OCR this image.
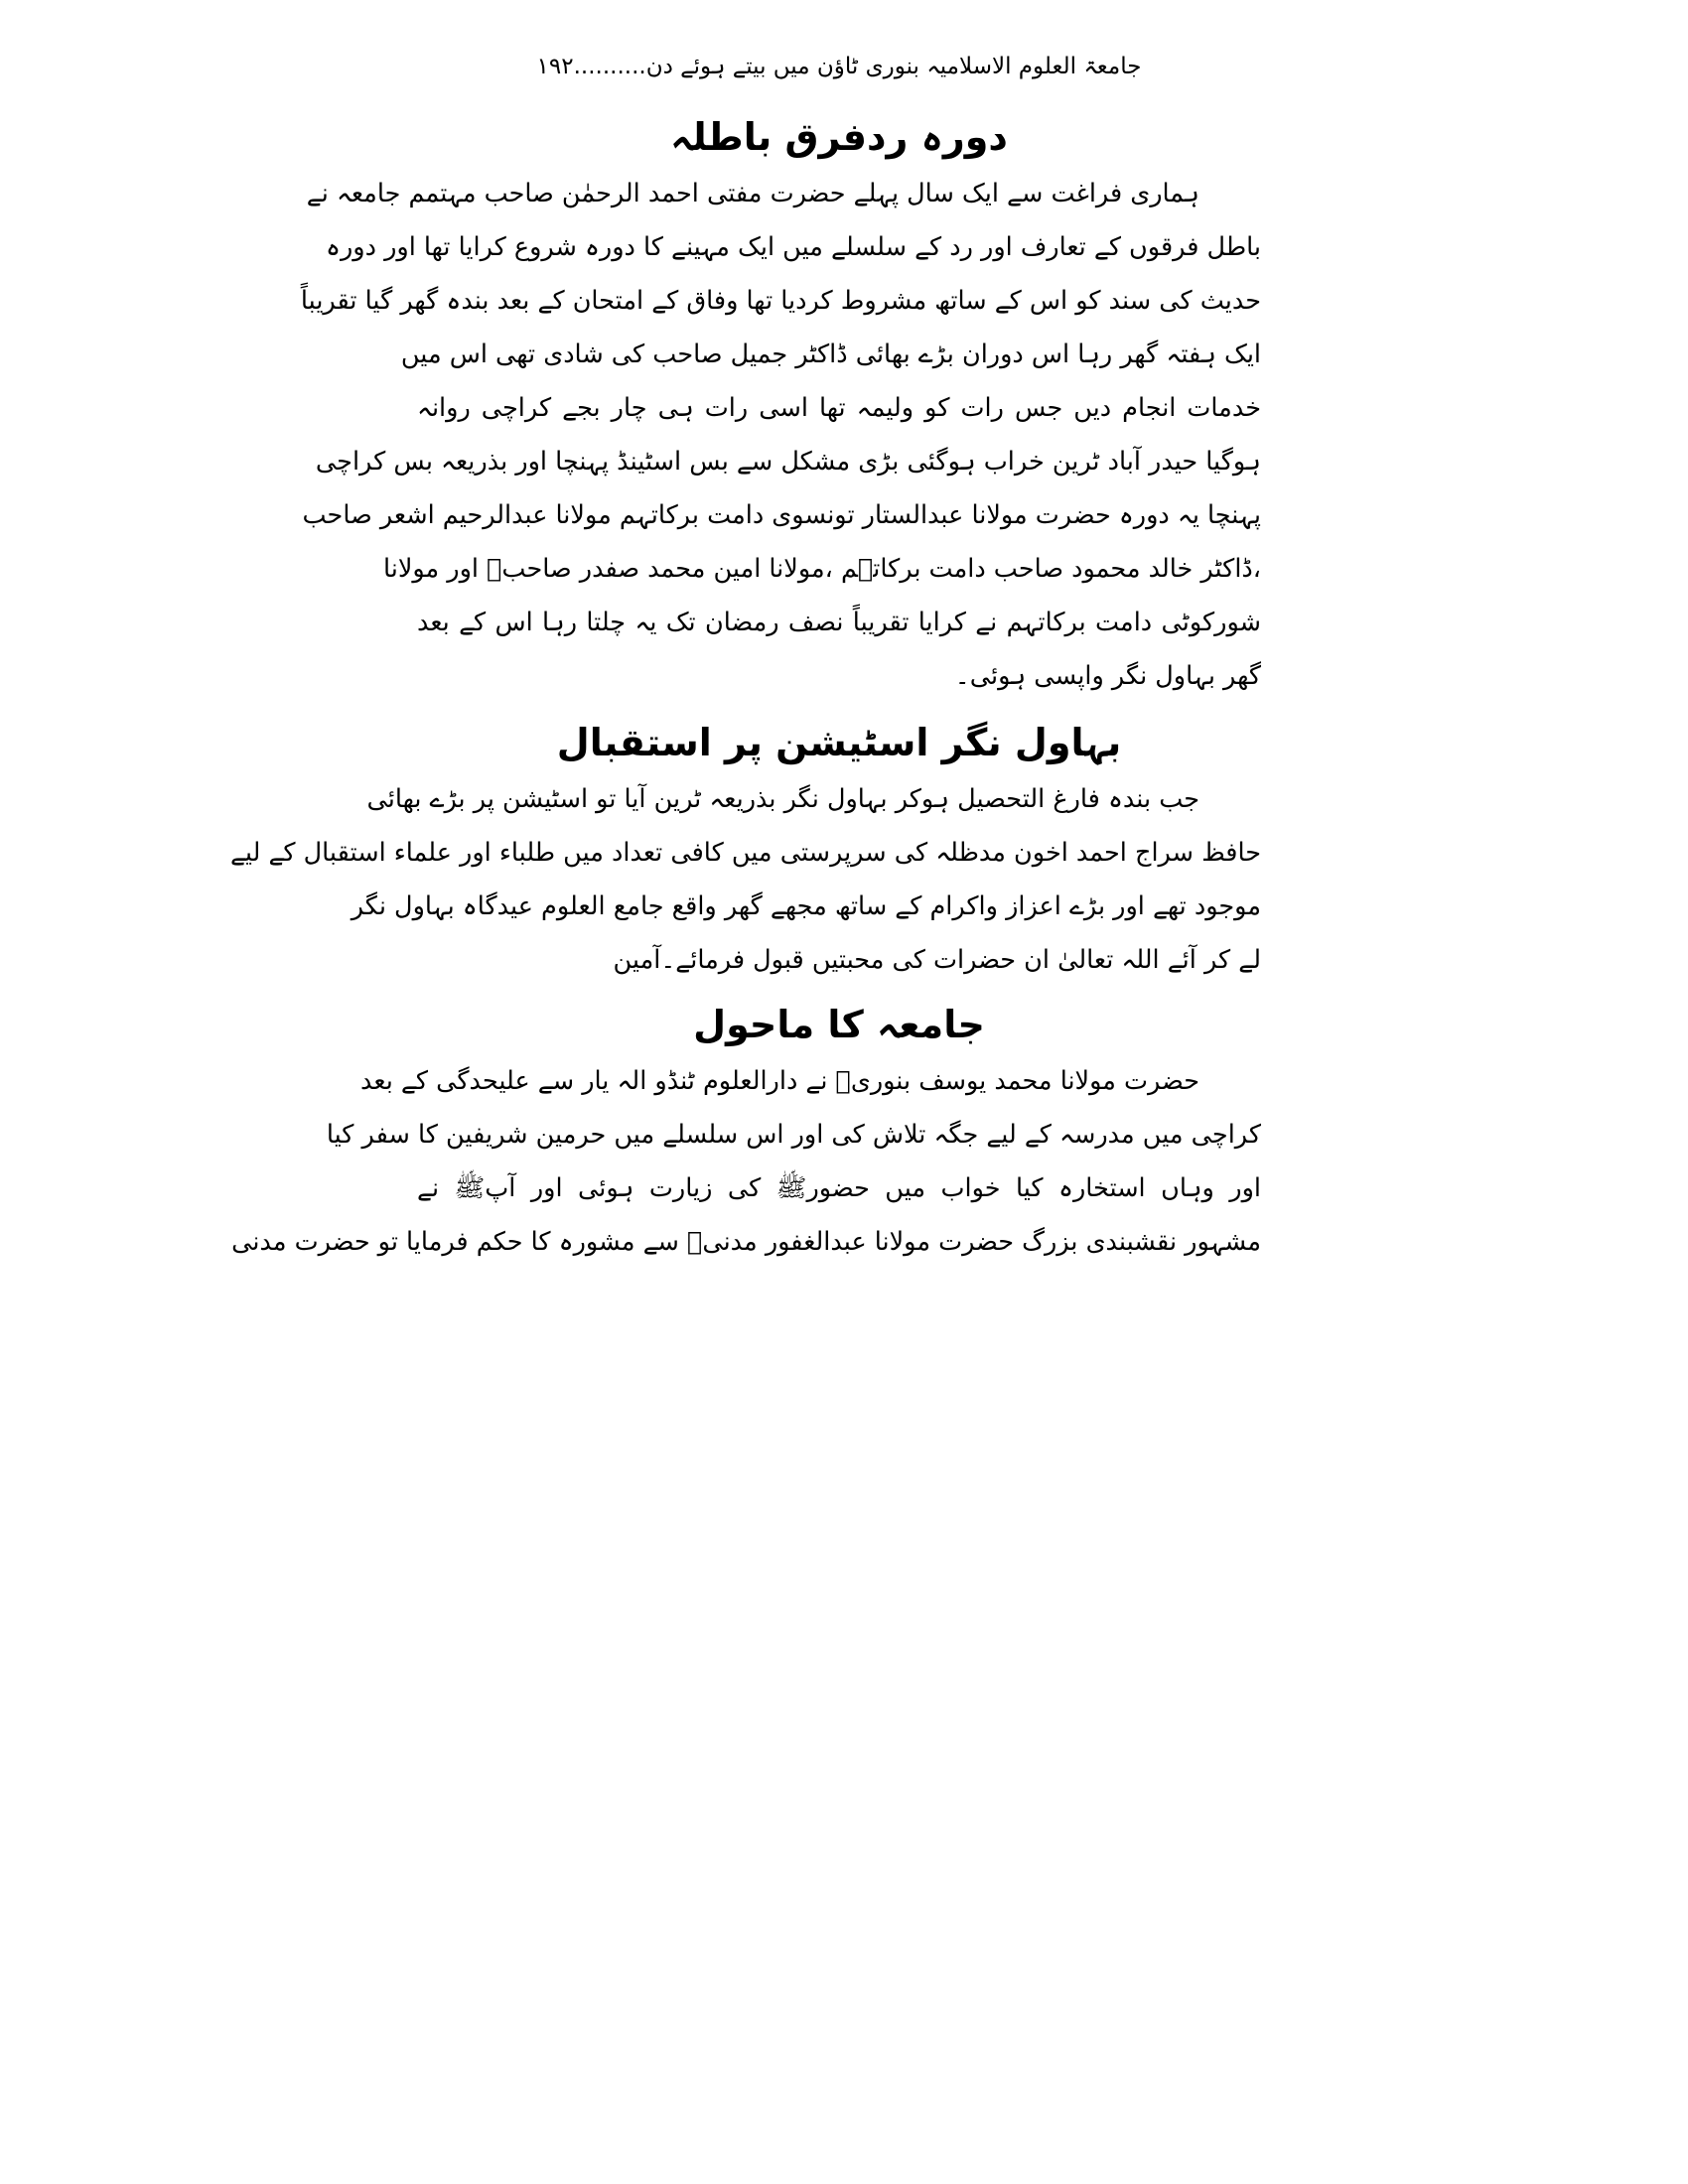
جامعۃ العلوم الاسلامیہ بنوری ٹاؤن میں بیتے ہوئے دن..........۱۹۲
دورہ ردفرق باطلہ
ہماری فراغت سے ایک سال پہلے حضرت مفتی احمد الرحمٰن صاحب مہتمم جامعہ نے
باطل فرقوں کے تعارف اور رد کے سلسلے میں ایک مہینے کا دورہ شروع کرایا تھا اور دورہ
حدیث کی سند کو اس کے ساتھ مشروط کردیا تھا وفاق کے امتحان کے بعد بندہ گھر گیا تقریباً
ایک ہفتہ گھر رہا اس دوران بڑے بھائی ڈاکٹر جمیل صاحب کی شادی تھی اس میں
خدمات انجام دیں جس رات کو ولیمہ تھا اسی رات ہی چار بجے کراچی روانہ
ہوگیا حیدر آباد ٹرین خراب ہوگئی بڑی مشکل سے بس اسٹینڈ پہنچا اور بذریعہ بس کراچی
پہنچا یہ دورہ حضرت مولانا عبدالستار تونسوی دامت برکاتہم مولانا عبدالرحیم اشعر صاحب
،ڈاکٹر خالد محمود صاحب دامت برکاتہم ،مولانا امین محمد صفدر صاحبؒ اور مولانا
شورکوٹی دامت برکاتہم نے کرایا تقریباً نصف رمضان تک یہ چلتا رہا اس کے بعد
گھر بہاول نگر واپسی ہوئی۔
بہاول نگر اسٹیشن پر استقبال
جب بندہ فارغ التحصیل ہوکر بہاول نگر بذریعہ ٹرین آیا تو اسٹیشن پر بڑے بھائی
حافظ سراج احمد اخون مدظلہ کی سرپرستی میں کافی تعداد میں طلباء اور علماء استقبال کے لیے
موجود تھے اور بڑے اعزاز واکرام کے ساتھ مجھے گھر واقع جامع العلوم عیدگاہ بہاول نگر
لے کر آئے اللہ تعالیٰ ان حضرات کی محبتیں قبول فرمائے۔آمین
جامعہ کا ماحول
حضرت مولانا محمد یوسف بنوریؒ نے دارالعلوم ٹنڈو الہ یار سے علیحدگی کے بعد
کراچی میں مدرسہ کے لیے جگہ تلاش کی اور اس سلسلے میں حرمین شریفین کا سفر کیا
اور وہاں استخارہ کیا خواب میں حضورﷺ کی زیارت ہوئی اور آپﷺ نے
مشہور نقشبندی بزرگ حضرت مولانا عبدالغفور مدنیؒ سے مشورہ کا حکم فرمایا تو حضرت مدنی
